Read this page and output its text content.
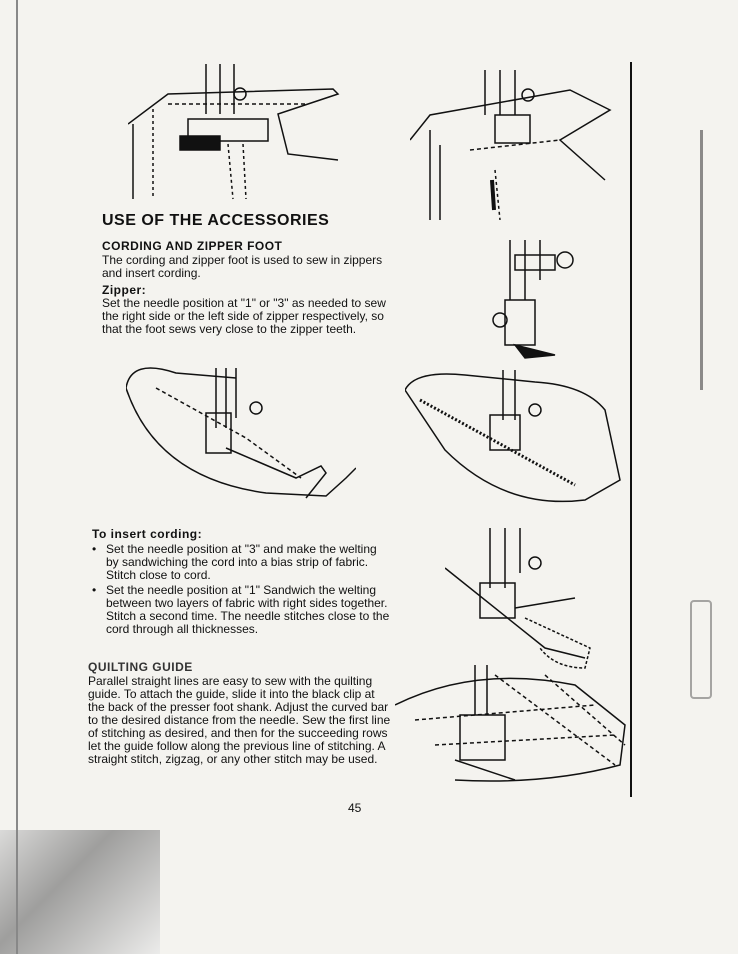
USE OF THE ACCESSORIES
CORDING AND ZIPPER FOOT
The cording and zipper foot is used to sew in zippers and insert cording.
Zipper:
Set the needle position at "1" or "3" as needed to sew the right side or the left side of zipper respectively, so that the foot sews very close to the zipper teeth.
To insert cording:
• Set the needle position at "3" and make the welting by sandwiching the cord into a bias strip of fabric. Stitch close to cord.
• Set the needle position at "1" Sandwich the welting between two layers of fabric with right sides together. Stitch a second time. The needle stitches close to the cord through all thicknesses.
QUILTING GUIDE
Parallel straight lines are easy to sew with the quilting guide. To attach the guide, slide it into the black clip at the back of the presser foot shank. Adjust the curved bar to the desired distance from the needle. Sew the first line of stitching as desired, and then for the succeeding rows let the guide follow along the previous line of stitching. A straight stitch, zigzag, or any other stitch may be used.
45
